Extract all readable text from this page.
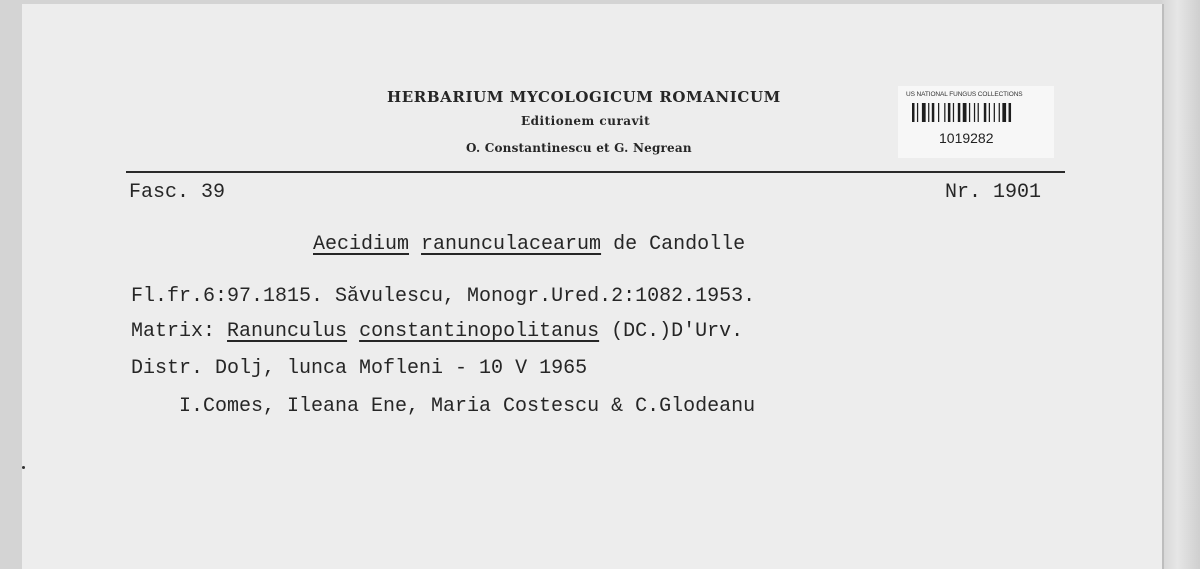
HERBARIUM MYCOLOGICUM ROMANICUM
Editionem curavit
O. Constantinescu et G. Negrean
US NATIONAL FUNGUS COLLECTIONS
1019282
Fasc. 39	Nr. 1901
Aecidium ranunculacearum de Candolle
Fl.fr.6:97.1815. Săvulescu, Monogr.Ured.2:1082.1953.
Matrix: Ranunculus constantinopolitanus (DC.)D'Urv.
Distr. Dolj, lunca Mofleni - 10 V 1965
I.Comes, Ileana Ene, Maria Costescu & C.Glodeanu
